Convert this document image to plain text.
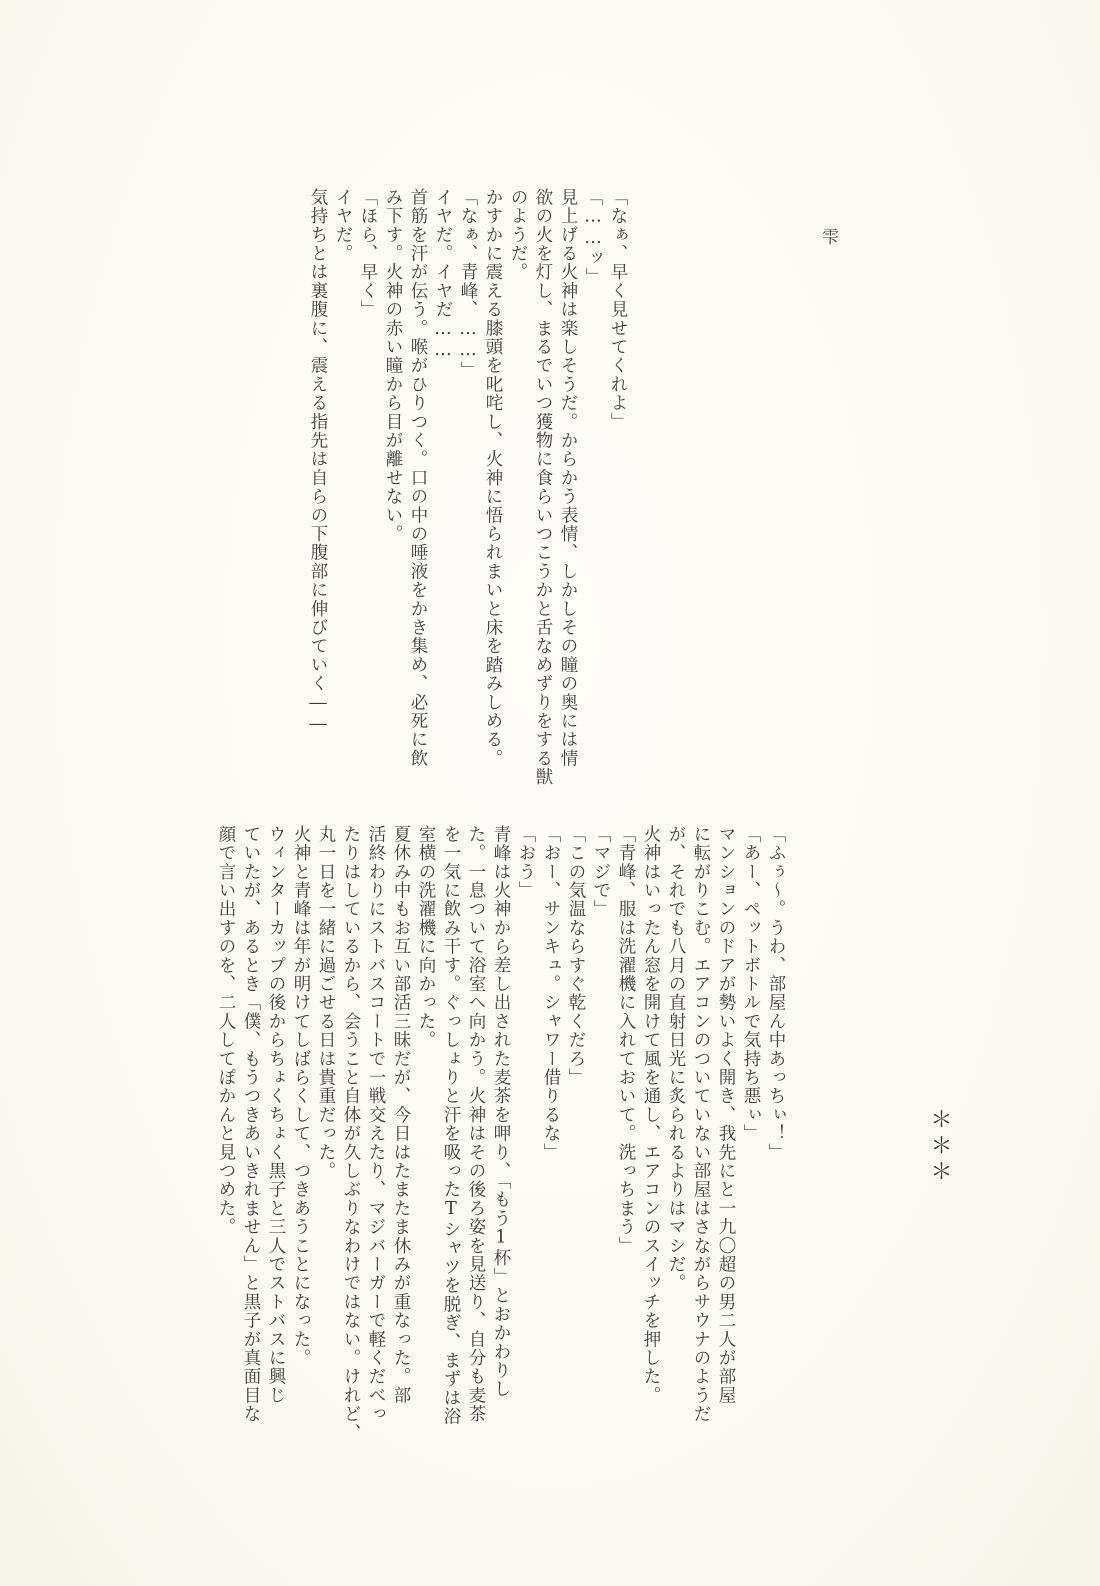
雫
「なぁ、早く見せてくれよ」
「……ッ」
見上げる火神は楽しそうだ。からかう表情、しかしその瞳の奥には情
欲の火を灯し、まるでいつ獲物に食らいつこうかと舌なめずりをする獣
のようだ。
かすかに震える膝頭を叱咤し、火神に悟られまいと床を踏みしめる。
「なぁ、青峰、……」
イヤだ。イヤだ……
首筋を汗が伝う。喉がひりつく。口の中の唾液をかき集め、必死に飲
み下す。火神の赤い瞳から目が離せない。
「ほら、早く」
イヤだ。
気持ちとは裏腹に、震える指先は自らの下腹部に伸びていく――
＊＊＊
「ふぅ～。うわ、部屋ん中あっちぃ！」
「あー、ペットボトルで気持ち悪ぃ」
マンションのドアが勢いよく開き、我先にと一九〇超の男二人が部屋
に転がりこむ。エアコンのついていない部屋はさながらサウナのようだ
が、それでも八月の直射日光に炙られるよりはマシだ。
火神はいったん窓を開けて風を通し、エアコンのスイッチを押した。
「青峰、服は洗濯機に入れておいて。洗っちまう」
「マジで」
「この気温ならすぐ乾くだろ」
「おー、サンキュ。シャワー借りるな」
「おう」
青峰は火神から差し出された麦茶を呷り、「もう1杯」とおかわりし
た。一息ついて浴室へ向かう。火神はその後ろ姿を見送り、自分も麦茶
を一気に飲み干す。ぐっしょりと汗を吸ったTシャツを脱ぎ、まずは浴
室横の洗濯機に向かった。
夏休み中もお互い部活三昧だが、今日はたまたま休みが重なった。部
活終わりにストバスコートで一戦交えたり、マジバーガーで軽くだべっ
たりはしているから、会うこと自体が久しぶりなわけではない。けれど、
丸一日を一緒に過ごせる日は貴重だった。
火神と青峰は年が明けてしばらくして、つきあうことになった。
ウィンターカップの後からちょくちょく黒子と三人でストバスに興じ
ていたが、あるとき「僕、もうつきあいきれません」と黒子が真面目な
顔で言い出すのを、二人してぽかんと見つめた。
